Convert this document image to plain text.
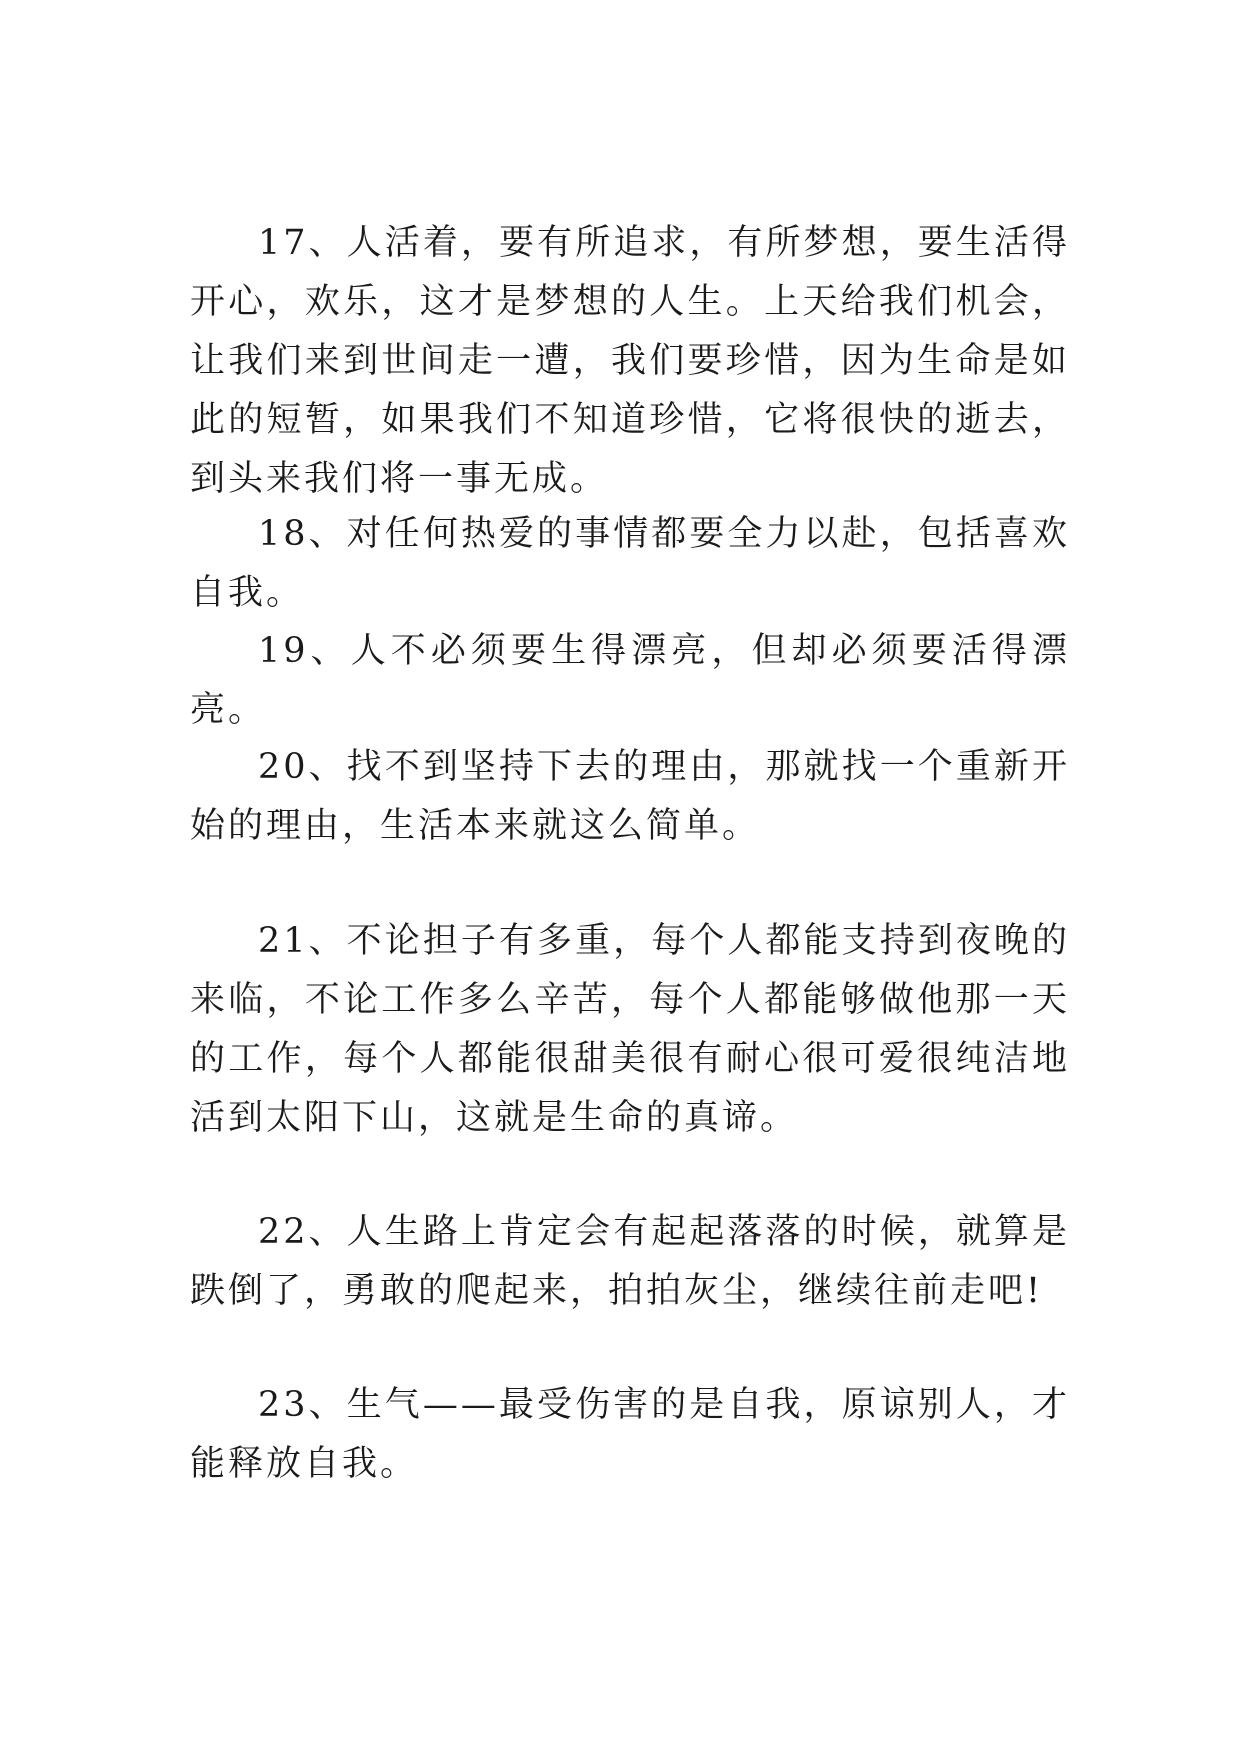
17、人活着，要有所追求，有所梦想，要生活得开心，欢乐，这才是梦想的人生。上天给我们机会，让我们来到世间走一遭，我们要珍惜，因为生命是如此的短暂，如果我们不知道珍惜，它将很快的逝去，到头来我们将一事无成。

18、对任何热爱的事情都要全力以赴，包括喜欢自我。

19、人不必须要生得漂亮，但却必须要活得漂亮。

20、找不到坚持下去的理由，那就找一个重新开始的理由，生活本来就这么简单。

21、不论担子有多重，每个人都能支持到夜晚的来临，不论工作多么辛苦，每个人都能够做他那一天的工作，每个人都能很甜美很有耐心很可爱很纯洁地活到太阳下山，这就是生命的真谛。

22、人生路上肯定会有起起落落的时候，就算是跌倒了，勇敢的爬起来，拍拍灰尘，继续往前走吧!

23、生气——最受伤害的是自我，原谅别人，才能释放自我。
